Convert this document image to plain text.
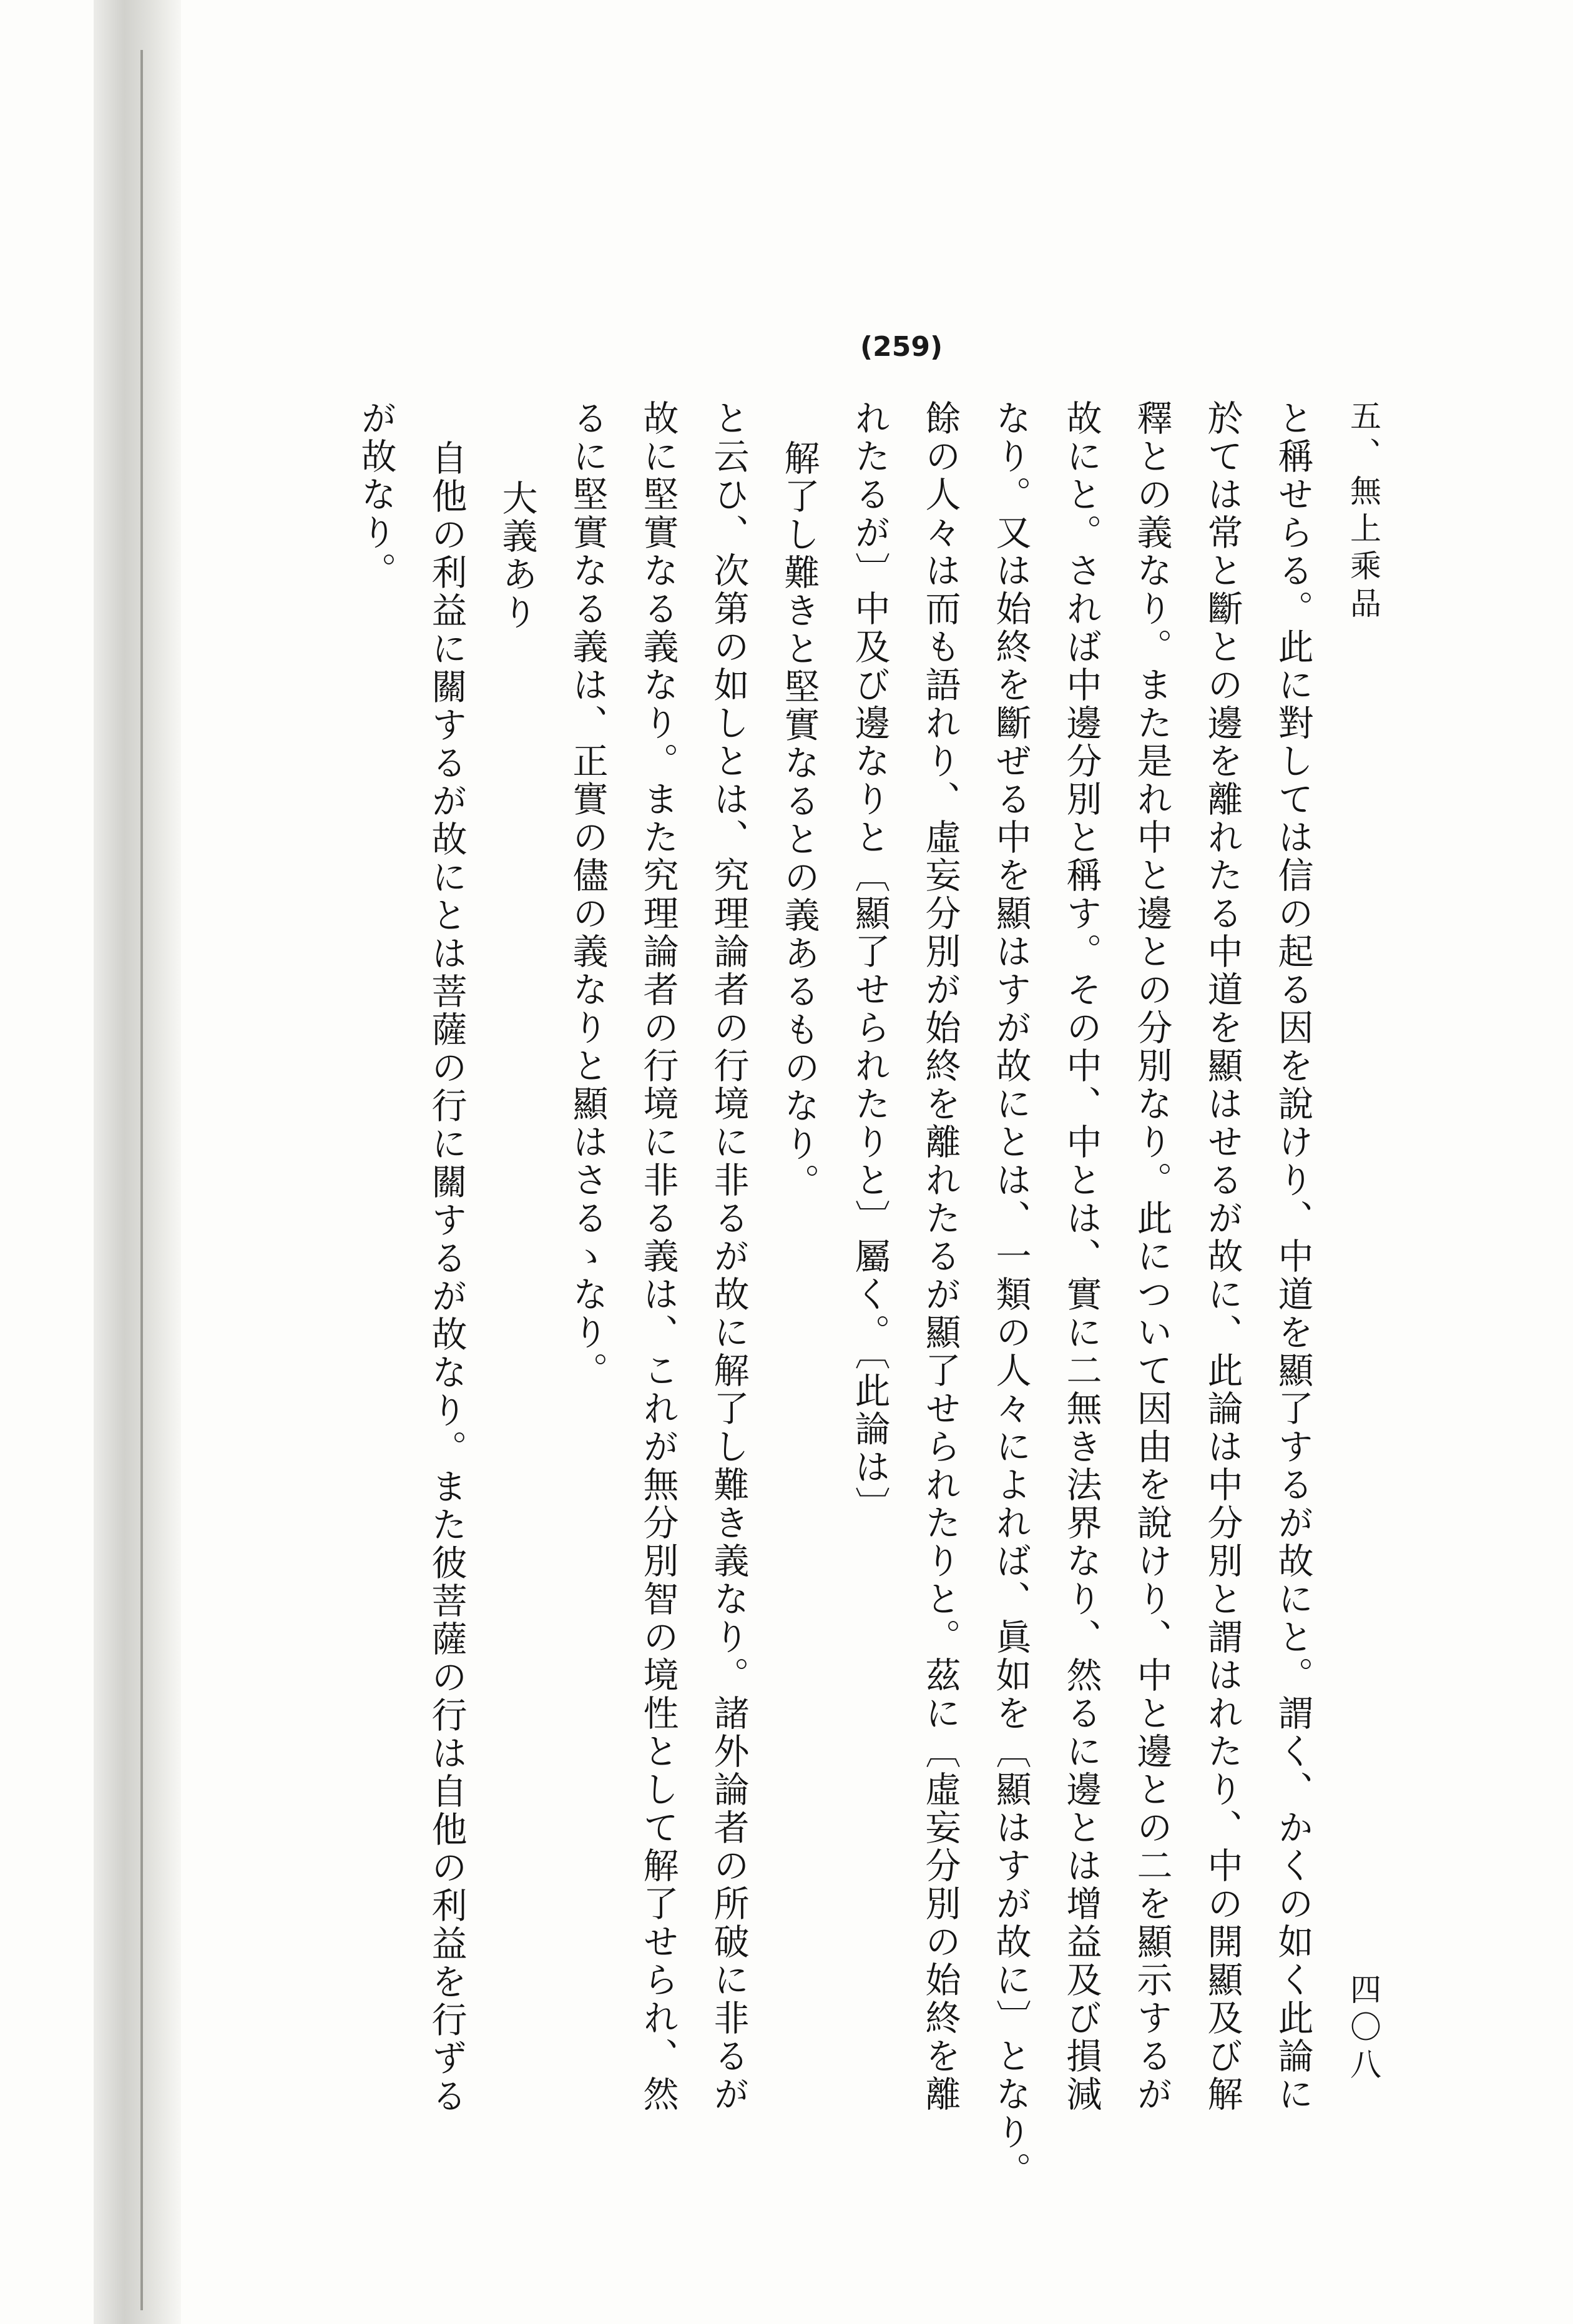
(259)
五、無上乘品
四〇八
と稱せらる。此に對しては信の起る因を說けり、中道を顯了するが故にと。謂く、かくの如く此論に
於ては常と斷との邊を離れたる中道を顯はせるが故に、此論は中分別と謂はれたり、中の開顯及び解
釋との義なり。また是れ中と邊との分別なり。此について因由を說けり、中と邊との二を顯示するが
故にと。されば中邊分別と稱す。その中、中とは、實に二無き法界なり、然るに邊とは增益及び損減
なり。又は始終を斷ぜる中を顯はすが故にとは、一類の人々によれば、眞如を〔顯はすが故に〕となり。
餘の人々は而も語れり、虛妄分別が始終を離れたるが顯了せられたりと。茲に〔虛妄分別の始終を離
れたるが〕中及び邊なりと〔顯了せられたりと〕屬く。〔此論は〕
解了し難きと堅實なるとの義あるものなり。
と云ひ、次第の如しとは、究理論者の行境に非るが故に解了し難き義なり。諸外論者の所破に非るが
故に堅實なる義なり。また究理論者の行境に非る義は、これが無分別智の境性として解了せられ、然
るに堅實なる義は、正實の儘の義なりと顯はさるゝなり。
大義あり
自他の利益に關するが故にとは菩薩の行に關するが故なり。また彼菩薩の行は自他の利益を行ずる
が故なり。
